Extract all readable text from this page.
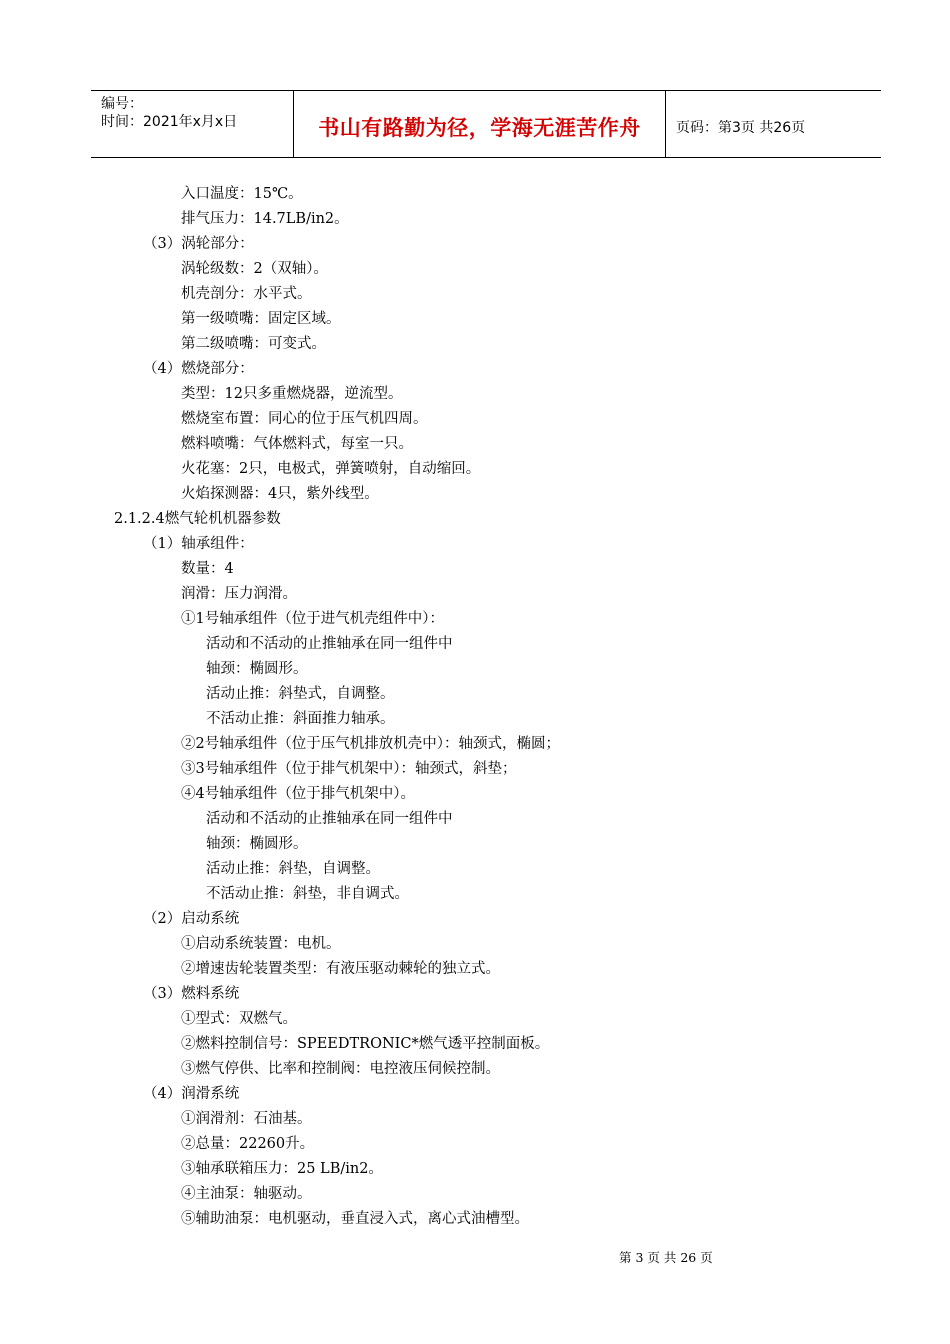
编号：
时间：2021年x月x日	书山有路勤为径，学海无涯苦作舟	页码：第3页 共26页
入口温度：15℃。
排气压力：14.7LB/in2。
（3）涡轮部分：
涡轮级数：2（双轴）。
机壳剖分：水平式。
第一级喷嘴：固定区域。
第二级喷嘴：可变式。
（4）燃烧部分：
类型：12只多重燃烧器，逆流型。
燃烧室布置：同心的位于压气机四周。
燃料喷嘴：气体燃料式，每室一只。
火花塞：2只，电极式，弹簧喷射，自动缩回。
火焰探测器：4只，紫外线型。
2.1.2.4燃气轮机机器参数
（1）轴承组件：
数量：4
润滑：压力润滑。
①1号轴承组件（位于进气机壳组件中）：
活动和不活动的止推轴承在同一组件中
轴颈：椭圆形。
活动止推：斜垫式，自调整。
不活动止推：斜面推力轴承。
②2号轴承组件（位于压气机排放机壳中）：轴颈式，椭圆；
③3号轴承组件（位于排气机架中）：轴颈式，斜垫；
④4号轴承组件（位于排气机架中）。
活动和不活动的止推轴承在同一组件中
轴颈：椭圆形。
活动止推：斜垫，自调整。
不活动止推：斜垫，非自调式。
（2）启动系统
①启动系统装置：电机。
②增速齿轮装置类型：有液压驱动棘轮的独立式。
（3）燃料系统
①型式：双燃气。
②燃料控制信号：SPEEDTRONIC*燃气透平控制面板。
③燃气停供、比率和控制阀：电控液压伺候控制。
（4）润滑系统
①润滑剂：石油基。
②总量：22260升。
③轴承联箱压力：25 LB/in2。
④主油泵：轴驱动。
⑤辅助油泵：电机驱动，垂直浸入式，离心式油槽型。
第 3 页 共 26 页
